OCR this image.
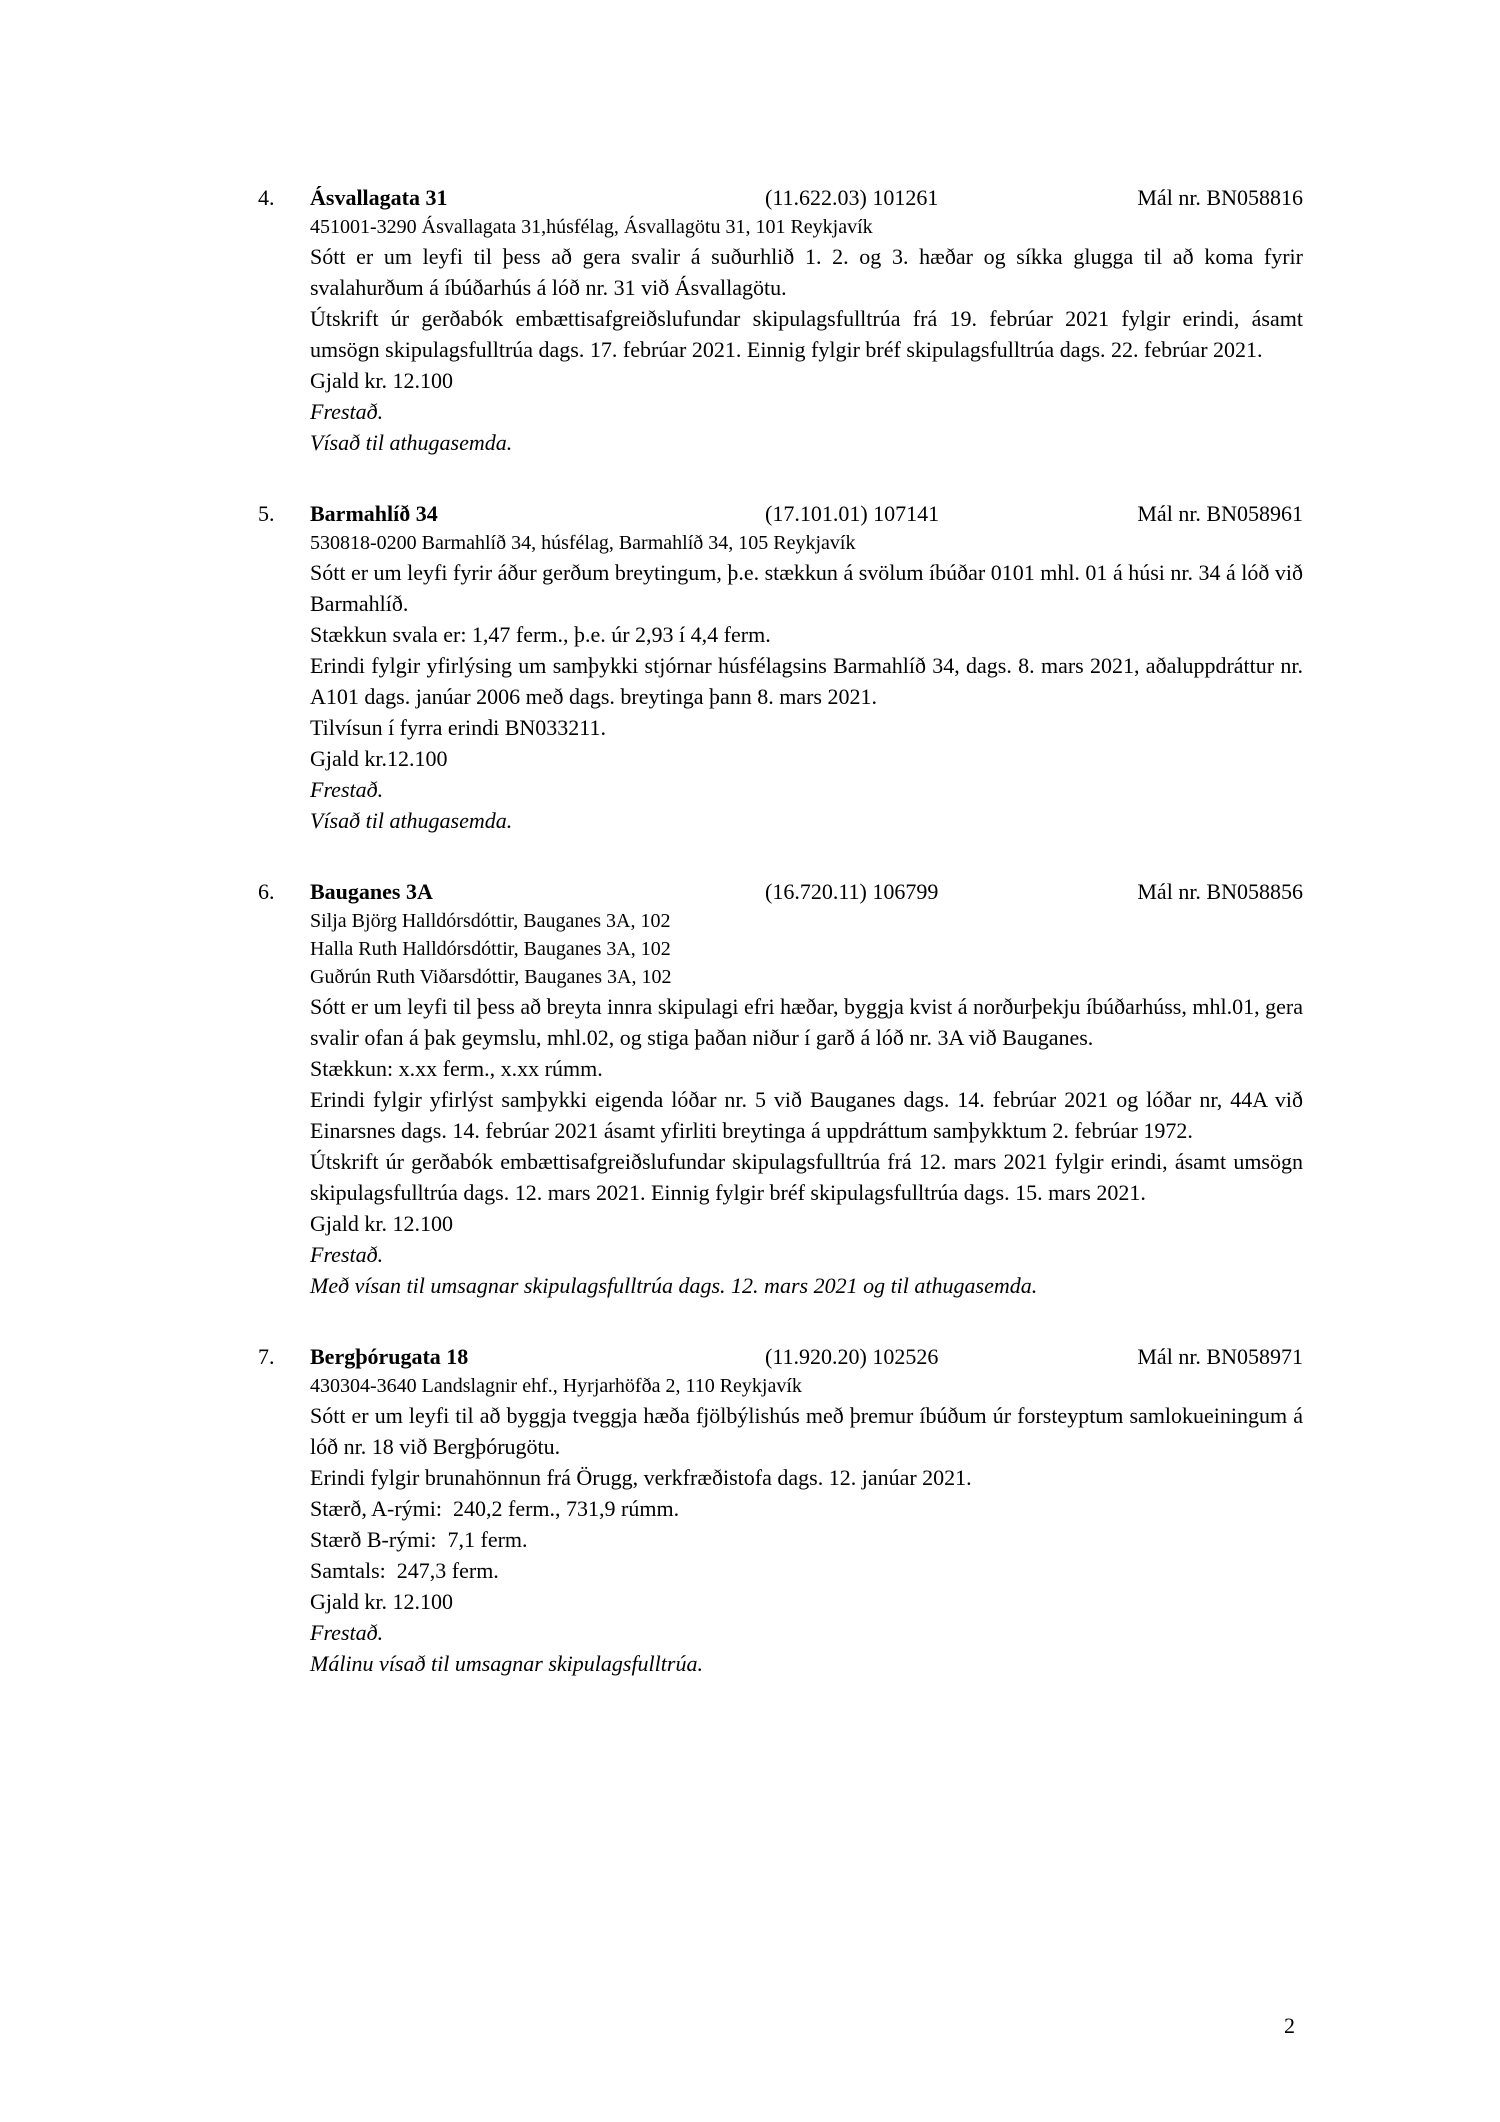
4.	Ásvallagata 31	(11.622.03) 101261	Mál nr. BN058816
451001-3290 Ásvallagata 31,húsfélag, Ásvallagötu 31, 101 Reykjavík

Sótt er um leyfi til þess að gera svalir á suðurhlið 1. 2. og 3. hæðar og síkka glugga til að koma fyrir svalahurðum á íbúðarhús á lóð nr. 31 við Ásvallagötu.

Útskrift úr gerðabók embættisafgreiðslufundar skipulagsfulltrúa frá 19. febrúar 2021 fylgir erindi, ásamt umsögn skipulagsfulltrúa dags. 17. febrúar 2021. Einnig fylgir bréf skipulagsfulltrúa dags. 22. febrúar 2021.

Gjald kr. 12.100

Frestað.

Vísað til athugasemda.

5.	Barmahlíð 34	(17.101.01) 107141	Mál nr. BN058961
530818-0200 Barmahlíð 34, húsfélag, Barmahlíð 34, 105 Reykjavík

Sótt er um leyfi fyrir áður gerðum breytingum, þ.e. stækkun á svölum íbúðar 0101 mhl. 01 á húsi nr. 34 á lóð við Barmahlíð.

Stækkun svala er: 1,47 ferm., þ.e. úr 2,93 í 4,4 ferm.

Erindi fylgir yfirlýsing um samþykki stjórnar húsfélagsins Barmahlíð 34, dags. 8. mars 2021, aðaluppdráttur nr. A101 dags. janúar 2006 með dags. breytinga þann 8. mars 2021.

Tilvísun í fyrra erindi BN033211.

Gjald kr.12.100

Frestað.

Vísað til athugasemda.

6.	Bauganes 3A	(16.720.11) 106799	Mál nr. BN058856
Silja Björg Halldórsdóttir, Bauganes 3A, 102
Halla Ruth Halldórsdóttir, Bauganes 3A, 102
Guðrún Ruth Viðarsdóttir, Bauganes 3A, 102

Sótt er um leyfi til þess að breyta innra skipulagi efri hæðar, byggja kvist á norðurþekju íbúðarhúss, mhl.01, gera svalir ofan á þak geymslu, mhl.02, og stiga þaðan niður í garð á lóð nr. 3A við Bauganes.

Stækkun: x.xx ferm., x.xx rúmm.

Erindi fylgir yfirlýst samþykki eigenda lóðar nr. 5 við Bauganes dags. 14. febrúar 2021 og lóðar nr, 44A við Einarsnes dags. 14. febrúar 2021 ásamt yfirliti breytinga á uppdráttum samþykktum 2. febrúar 1972.

Útskrift úr gerðabók embættisafgreiðslufundar skipulagsfulltrúa frá 12. mars 2021 fylgir erindi, ásamt umsögn skipulagsfulltrúa dags. 12. mars 2021. Einnig fylgir bréf skipulagsfulltrúa dags. 15. mars 2021.

Gjald kr. 12.100

Frestað.

Með vísan til umsagnar skipulagsfulltrúa dags. 12. mars 2021 og til athugasemda.

7.	Bergþórugata 18	(11.920.20) 102526	Mál nr. BN058971
430304-3640 Landslagnir ehf., Hyrjarhöfða 2, 110 Reykjavík

Sótt er um leyfi til að byggja tveggja hæða fjölbýlishús með þremur íbúðum úr forsteyptum samlokueiningum á lóð nr. 18 við Bergþórugötu.

Erindi fylgir brunahönnun frá Örugg, verkfræðistofa dags. 12. janúar 2021.

Stærð, A-rými:  240,2 ferm., 731,9 rúmm.

Stærð B-rými:  7,1 ferm.

Samtals:  247,3 ferm.

Gjald kr. 12.100

Frestað.

Málinu vísað til umsagnar skipulagsfulltrúa.

2
